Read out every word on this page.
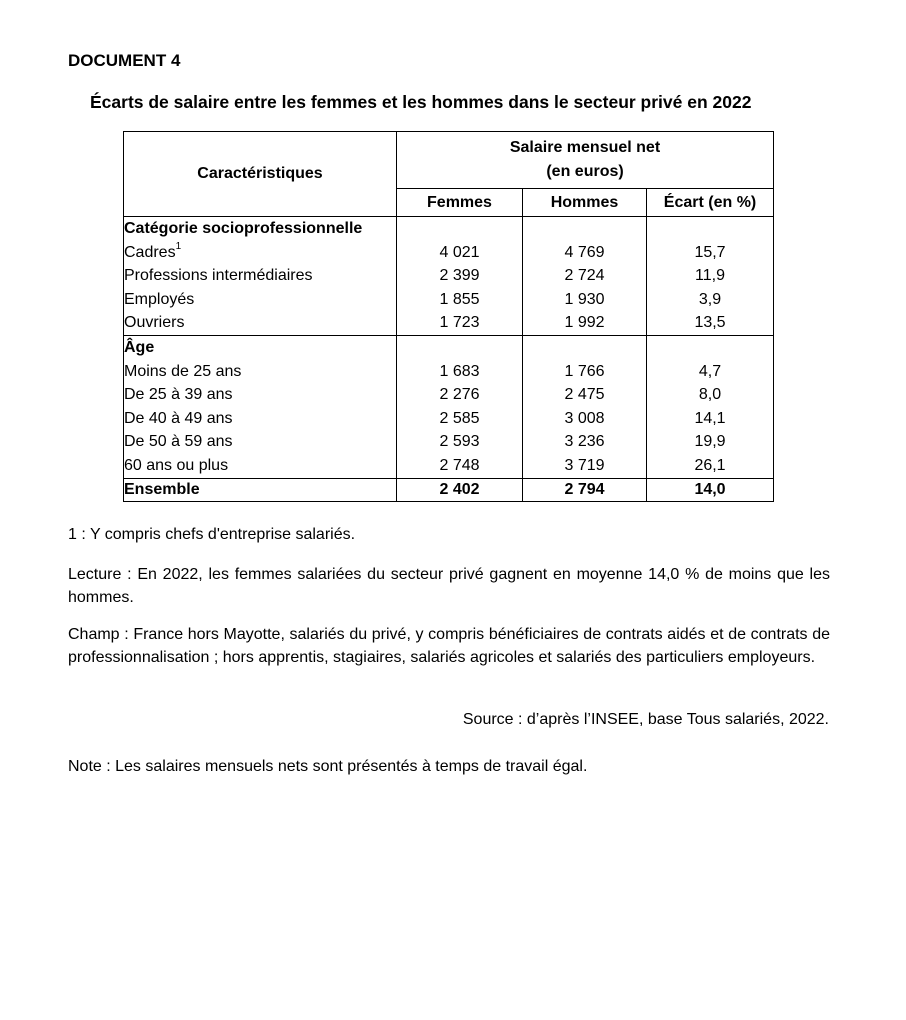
DOCUMENT 4
Écarts de salaire entre les femmes et les hommes dans le secteur privé en 2022
Caractéristiques	Salaire mensuel net
(en euros)		
	Femmes	Hommes	Écart (en %)
Catégorie socioprofessionnelle			
Cadres$^1$	4 021	4 769	15,7
Professions intermédiaires	2 399	2 724	11,9
Employés	1 855	1 930	3,9
Ouvriers	1 723	1 992	13,5
Âge			
Moins de 25 ans	1 683	1 766	4,7
De 25 à 39 ans	2 276	2 475	8,0
De 40 à 49 ans	2 585	3 008	14,1
De 50 à 59 ans	2 593	3 236	19,9
60 ans ou plus	2 748	3 719	26,1
Ensemble	2 402	2 794	14,0
1 : Y compris chefs d'entreprise salariés.
Lecture : En 2022, les femmes salariées du secteur privé gagnent en moyenne 14,0 % de moins que les hommes.
Champ : France hors Mayotte, salariés du privé, y compris bénéficiaires de contrats aidés et de contrats de professionnalisation ; hors apprentis, stagiaires, salariés agricoles et salariés des particuliers employeurs.
Source : d’après l’INSEE, base Tous salariés, 2022.
Note : Les salaires mensuels nets sont présentés à temps de travail égal.
